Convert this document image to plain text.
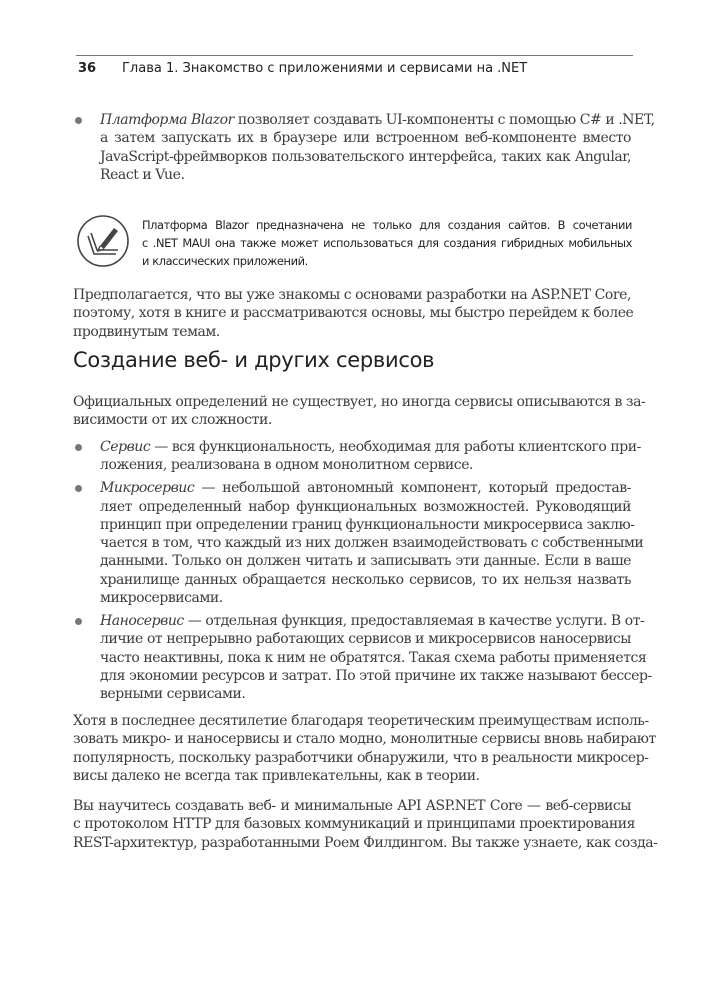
36 Глава 1. Знакомство с приложениями и сервисами на .NET
Платформа Blazor позволяет создавать UI-компоненты с помощью C# и .NET,
а затем запускать их в браузере или встроенном веб-компоненте вместо
JavaScript-фреймворков пользовательского интерфейса, таких как Angular,
React и Vue.
Платформа Blazor предназначена не только для создания сайтов. В сочетании
с .NET MAUI она также может использоваться для создания гибридных мобильных
и классических приложений.
Предполагается, что вы уже знакомы с основами разработки на ASP.NET Core,
поэтому, хотя в книге и рассматриваются основы, мы быстро перейдем к более
продвинутым темам.
Создание веб- и других сервисов
Официальных определений не существует, но иногда сервисы описываются в за-
висимости от их сложности.
Сервис — вся функциональность, необходимая для работы клиентского при-
ложения, реализована в одном монолитном сервисе.
Микросервис — небольшой автономный компонент, который предостав-
ляет определенный набор функциональных возможностей. Руководящий
принцип при определении границ функциональности микросервиса заклю-
чается в том, что каждый из них должен взаимодействовать с собственными
данными. Только он должен читать и записывать эти данные. Если в ваше
хранилище данных обращается несколько сервисов, то их нельзя назвать
микросервисами.
Наносервис — отдельная функция, предоставляемая в качестве услуги. В от-
личие от непрерывно работающих сервисов и микросервисов наносервисы
часто неактивны, пока к ним не обратятся. Такая схема работы применяется
для экономии ресурсов и затрат. По этой причине их также называют бессер-
верными сервисами.
Хотя в последнее десятилетие благодаря теоретическим преимуществам исполь-
зовать микро- и наносервисы и стало модно, монолитные сервисы вновь набирают
популярность, поскольку разработчики обнаружили, что в реальности микросер-
висы далеко не всегда так привлекательны, как в теории.
Вы научитесь создавать веб- и минимальные API ASP.NET Core — веб-сервисы
с протоколом HTTP для базовых коммуникаций и принципами проектирования
REST-архитектур, разработанными Роем Филдингом. Вы также узнаете, как созда-
